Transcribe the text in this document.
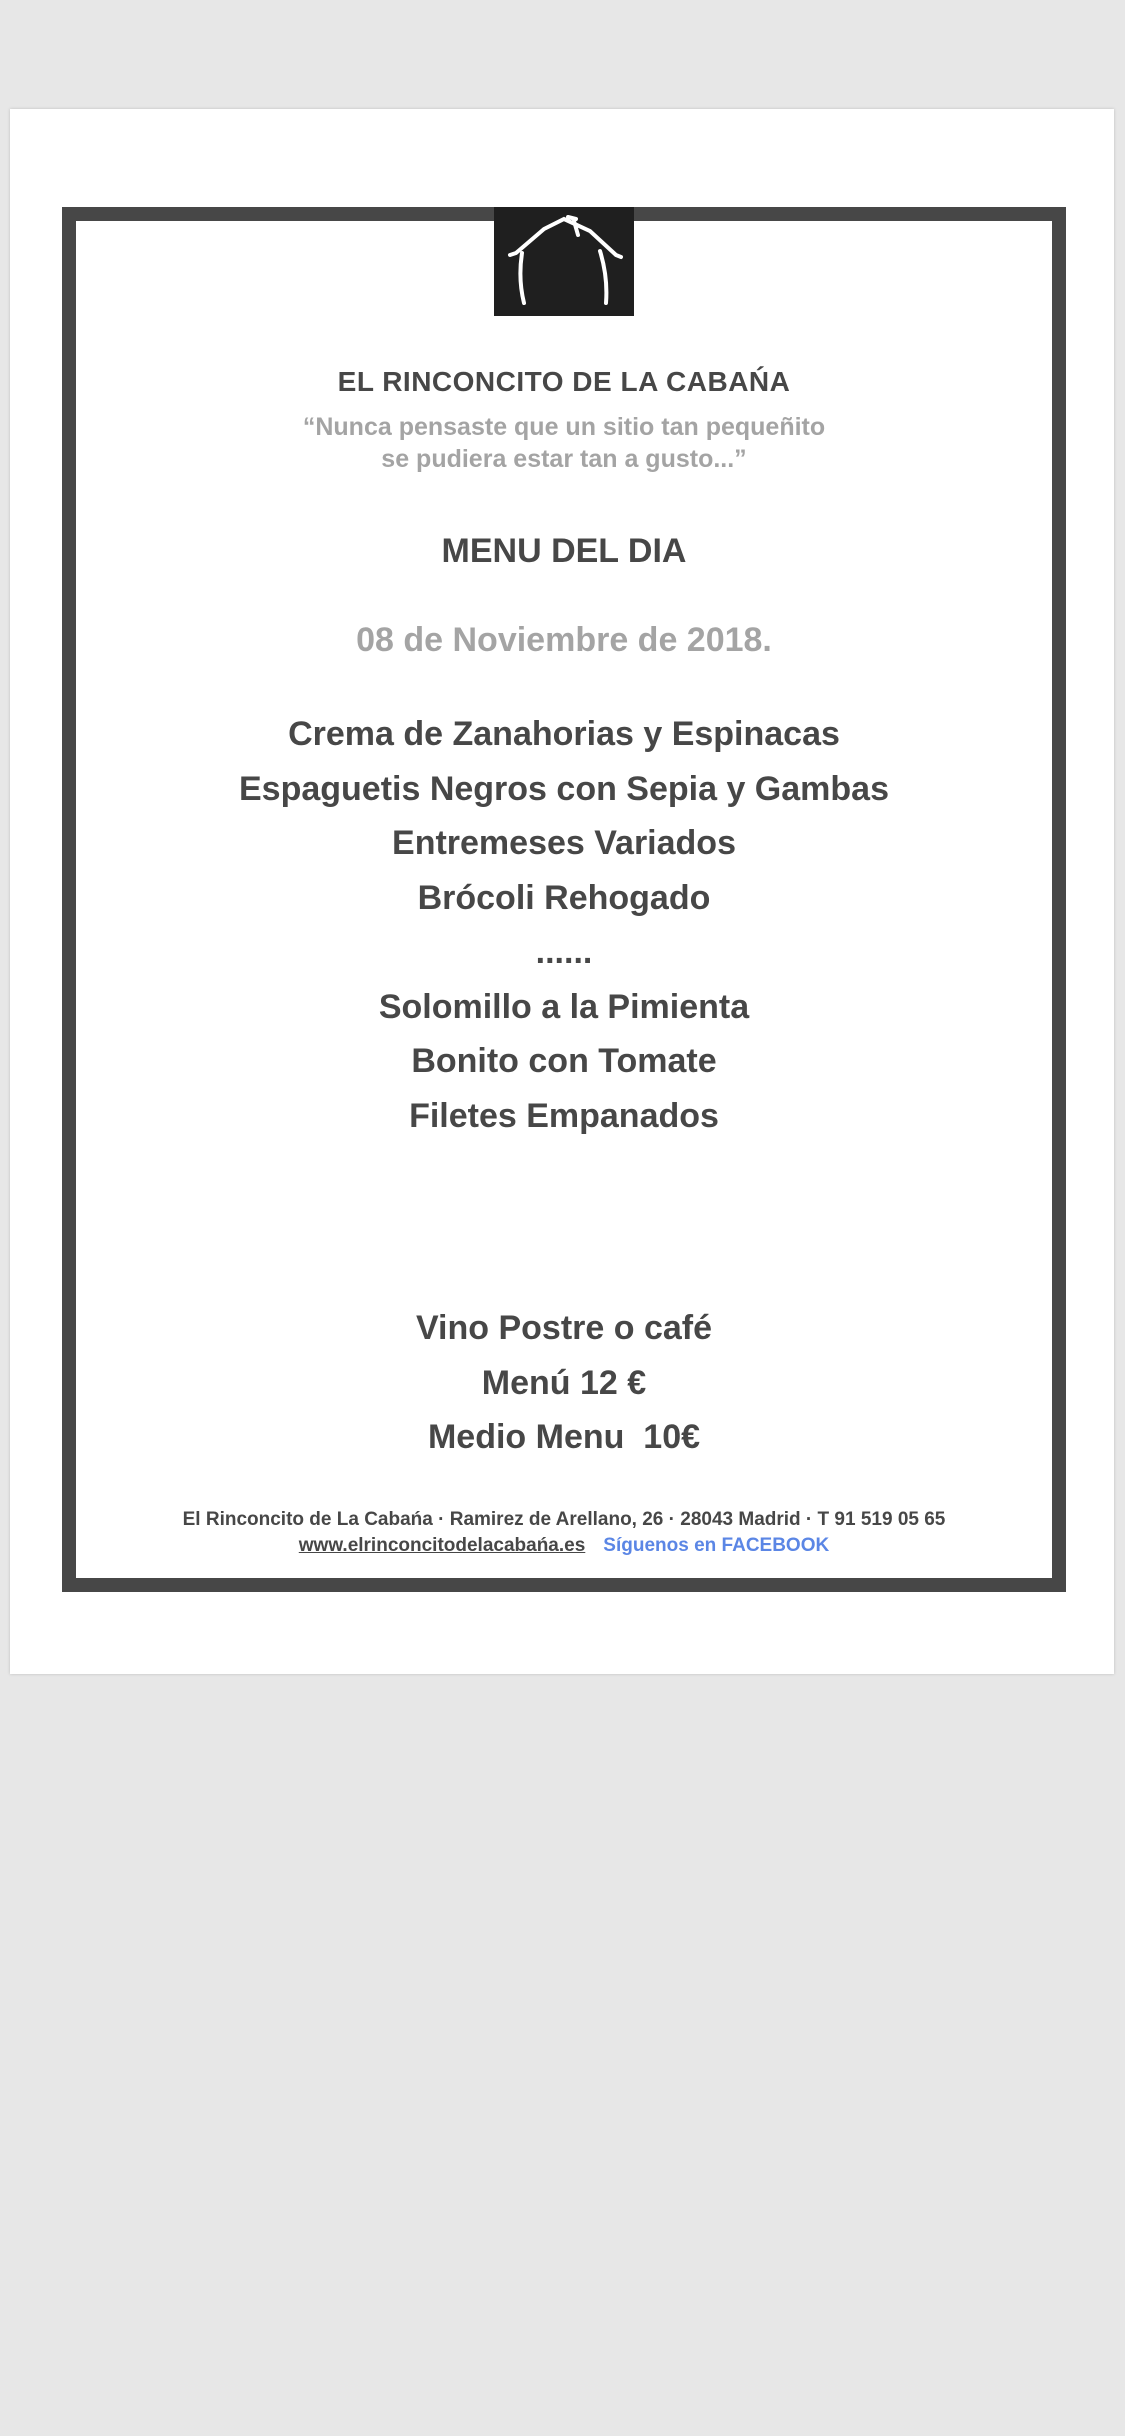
EL RINCONCITO DE LA CABAŃA
“Nunca pensaste que un sitio tan pequeñito
se pudiera estar tan a gusto...”
MENU DEL DIA
08 de Noviembre de 2018.
Crema de Zanahorias y Espinacas
Espaguetis Negros con Sepia y Gambas
Entremeses Variados
Brócoli Rehogado
......
Solomillo a la Pimienta
Bonito con Tomate
Filetes Empanados
Vino Postre o café
Menú 12 €
Medio Menu  10€
El Rinconcito de La Cabańa · Ramirez de Arellano, 26 · 28043 Madrid · T 91 519 05 65
www.elrinconcitodelacabańa.es Síguenos en FACEBOOK
